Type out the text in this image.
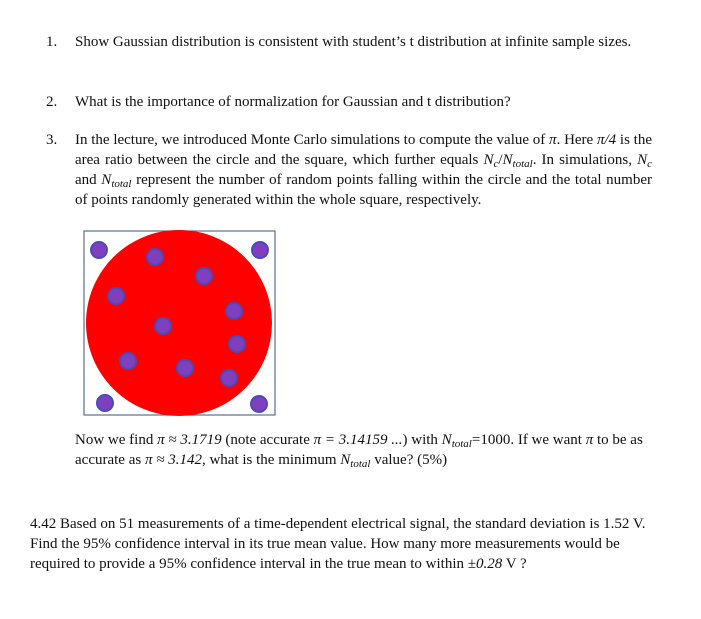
1. Show Gaussian distribution is consistent with student’s t distribution at infinite sample sizes.
2. What is the importance of normalization for Gaussian and t distribution?
3. In the lecture, we introduced Monte Carlo simulations to compute the value of π. Here π/4 is the area ratio between the circle and the square, which further equals $N_c/N_{total}$. In simulations, $N_c$ and $N_{total}$ represent the number of random points falling within the circle and the total number of points randomly generated within the whole square, respectively.
Now we find π ≈ 3.1719 (note accurate π = 3.14159 ...) with $N_{total}=1000$. If we want π to be as accurate as π ≈ 3.142, what is the minimum $N_{total}$ value? (5%)
4.42 Based on 51 measurements of a time-dependent electrical signal, the standard deviation is 1.52 V. Find the 95% confidence interval in its true mean value. How many more measurements would be required to provide a 95% confidence interval in the true mean to within ±0.28 V ?
